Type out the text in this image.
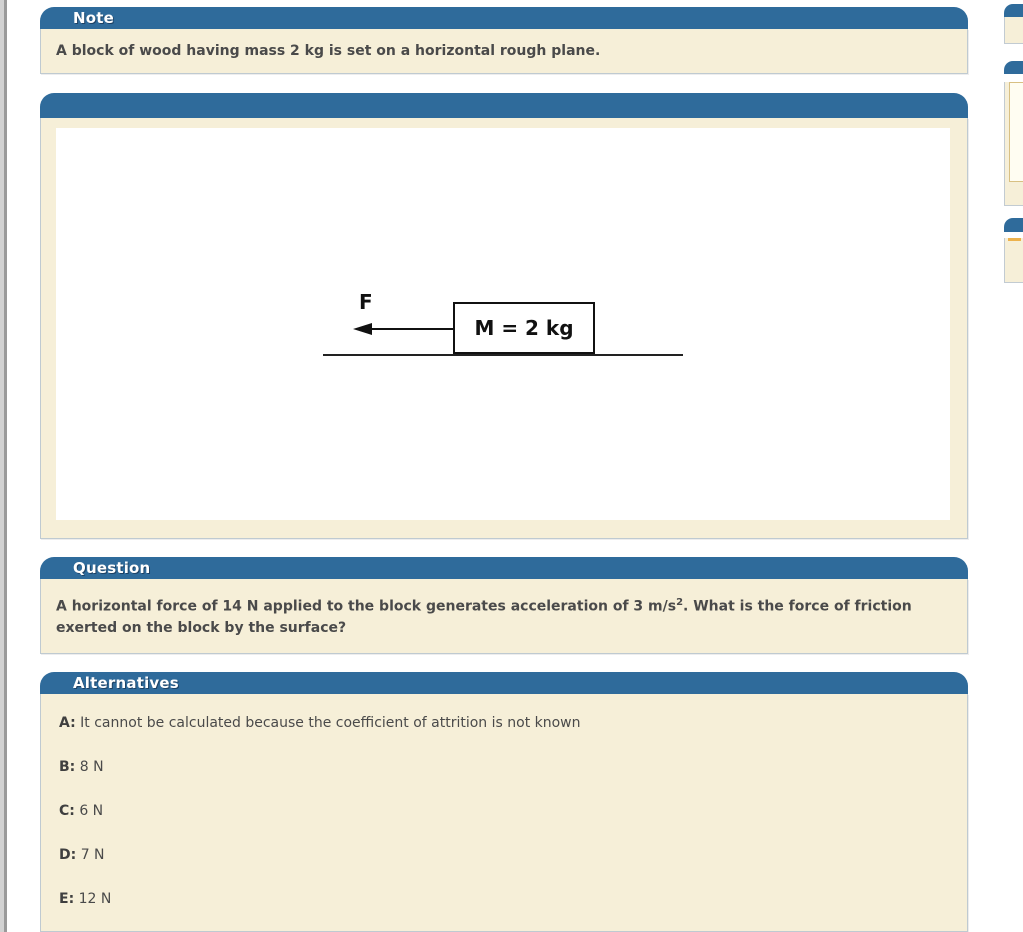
Note
A block of wood having mass 2 kg is set on a horizontal rough plane.
F
M = 2 kg
Question
A horizontal force of 14 N applied to the block generates acceleration of 3 $m/s^2$. What is the force of friction exerted on the block by the surface?
Alternatives
A: It cannot be calculated because the coefficient of attrition is not known
B: 8 N
C: 6 N
D: 7 N
E: 12 N
